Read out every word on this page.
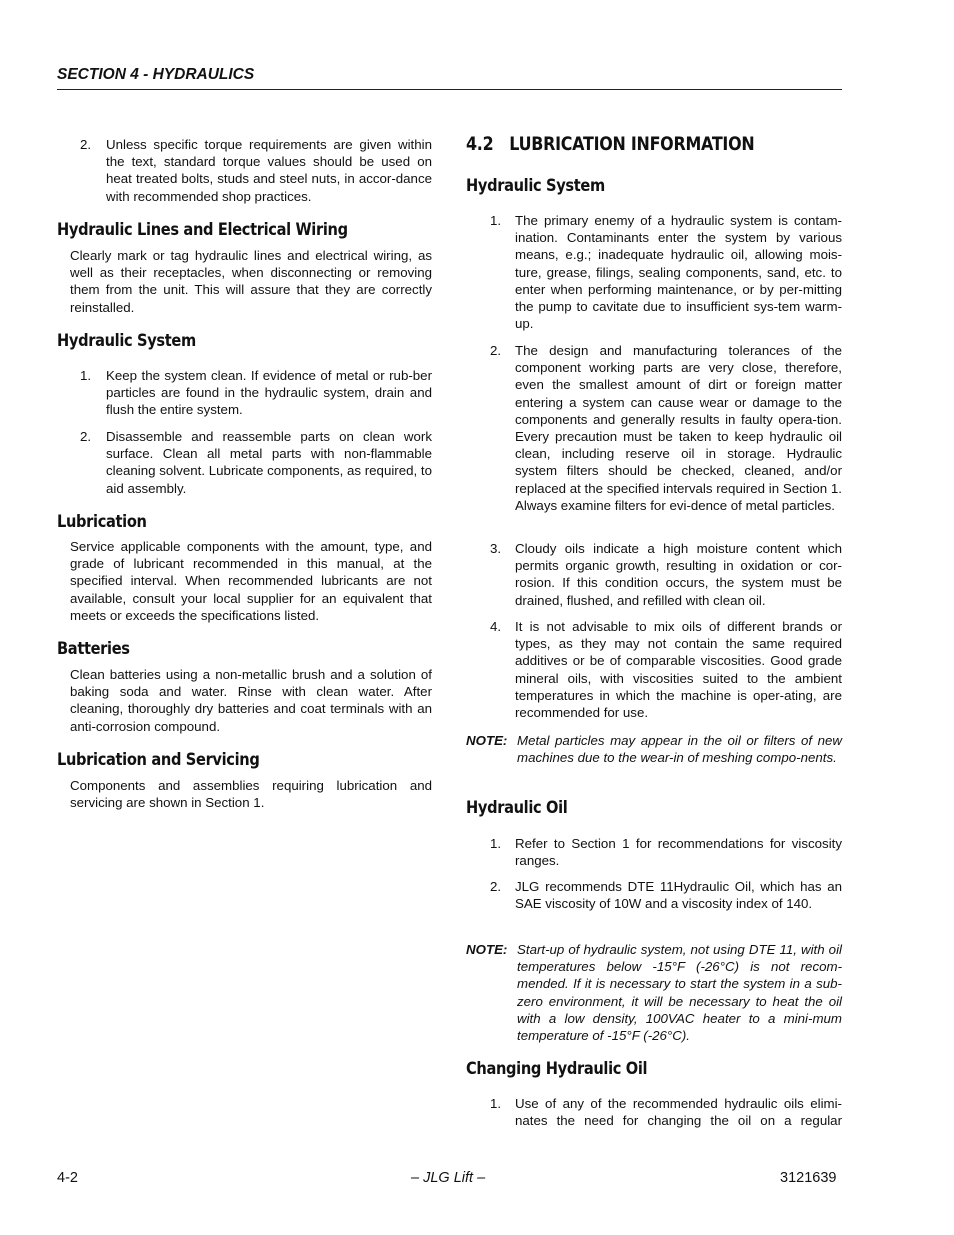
SECTION 4 - HYDRAULICS
2. Unless specific torque requirements are given within the text, standard torque values should be used on heat treated bolts, studs and steel nuts, in accor-dance with recommended shop practices.

Hydraulic Lines and Electrical Wiring

Clearly mark or tag hydraulic lines and electrical wiring, as well as their receptacles, when disconnecting or removing them from the unit. This will assure that they are correctly reinstalled.

Hydraulic System
1. Keep the system clean. If evidence of metal or rub-ber particles are found in the hydraulic system, drain and flush the entire system.

2. Disassemble and reassemble parts on clean work surface. Clean all metal parts with non-flammable cleaning solvent. Lubricate components, as required, to aid assembly.

Lubrication

Service applicable components with the amount, type, and grade of lubricant recommended in this manual, at the specified interval. When recommended lubricants are not available, consult your local supplier for an equivalent that meets or exceeds the specifications listed.

Batteries

Clean batteries using a non-metallic brush and a solution of baking soda and water. Rinse with clean water. After cleaning, thoroughly dry batteries and coat terminals with an anti-corrosion compound.

Lubrication and Servicing

Components and assemblies requiring lubrication and servicing are shown in Section 1.

4.2   LUBRICATION INFORMATION
Hydraulic System
1. The primary enemy of a hydraulic system is contam-ination. Contaminants enter the system by various means, e.g.; inadequate hydraulic oil, allowing mois-ture, grease, filings, sealing components, sand, etc. to enter when performing maintenance, or by per-mitting the pump to cavitate due to insufficient sys-tem warm-up.

2. The design and manufacturing tolerances of the component working parts are very close, therefore, even the smallest amount of dirt or foreign matter entering a system can cause wear or damage to the components and generally results in faulty opera-tion. Every precaution must be taken to keep hydraulic oil clean, including reserve oil in storage. Hydraulic system filters should be checked, cleaned, and/or replaced at the specified intervals required in Section 1. Always examine filters for evi-dence of metal particles.

3. Cloudy oils indicate a high moisture content which permits organic growth, resulting in oxidation or cor-rosion. If this condition occurs, the system must be drained, flushed, and refilled with clean oil.

4. It is not advisable to mix oils of different brands or types, as they may not contain the same required additives or be of comparable viscosities. Good grade mineral oils, with viscosities suited to the ambient temperatures in which the machine is oper-ating, are recommended for use.

NOTE: Metal particles may appear in the oil or filters of new machines due to the wear-in of meshing compo-nents.

Hydraulic Oil
1. Refer to Section 1 for recommendations for viscosity ranges.

2. JLG recommends DTE 11Hydraulic Oil, which has an SAE viscosity of 10W and a viscosity index of 140.

NOTE: Start-up of hydraulic system, not using DTE 11, with oil temperatures below -15°F (-26°C) is not recom-mended. If it is necessary to start the system in a sub-zero environment, it will be necessary to heat the oil with a low density, 100VAC heater to a mini-mum temperature of -15°F (-26°C).

Changing Hydraulic Oil
1. Use of any of the recommended hydraulic oils elimi-nates the need for changing the oil on a regular

4-2	– JLG Lift –	3121639
